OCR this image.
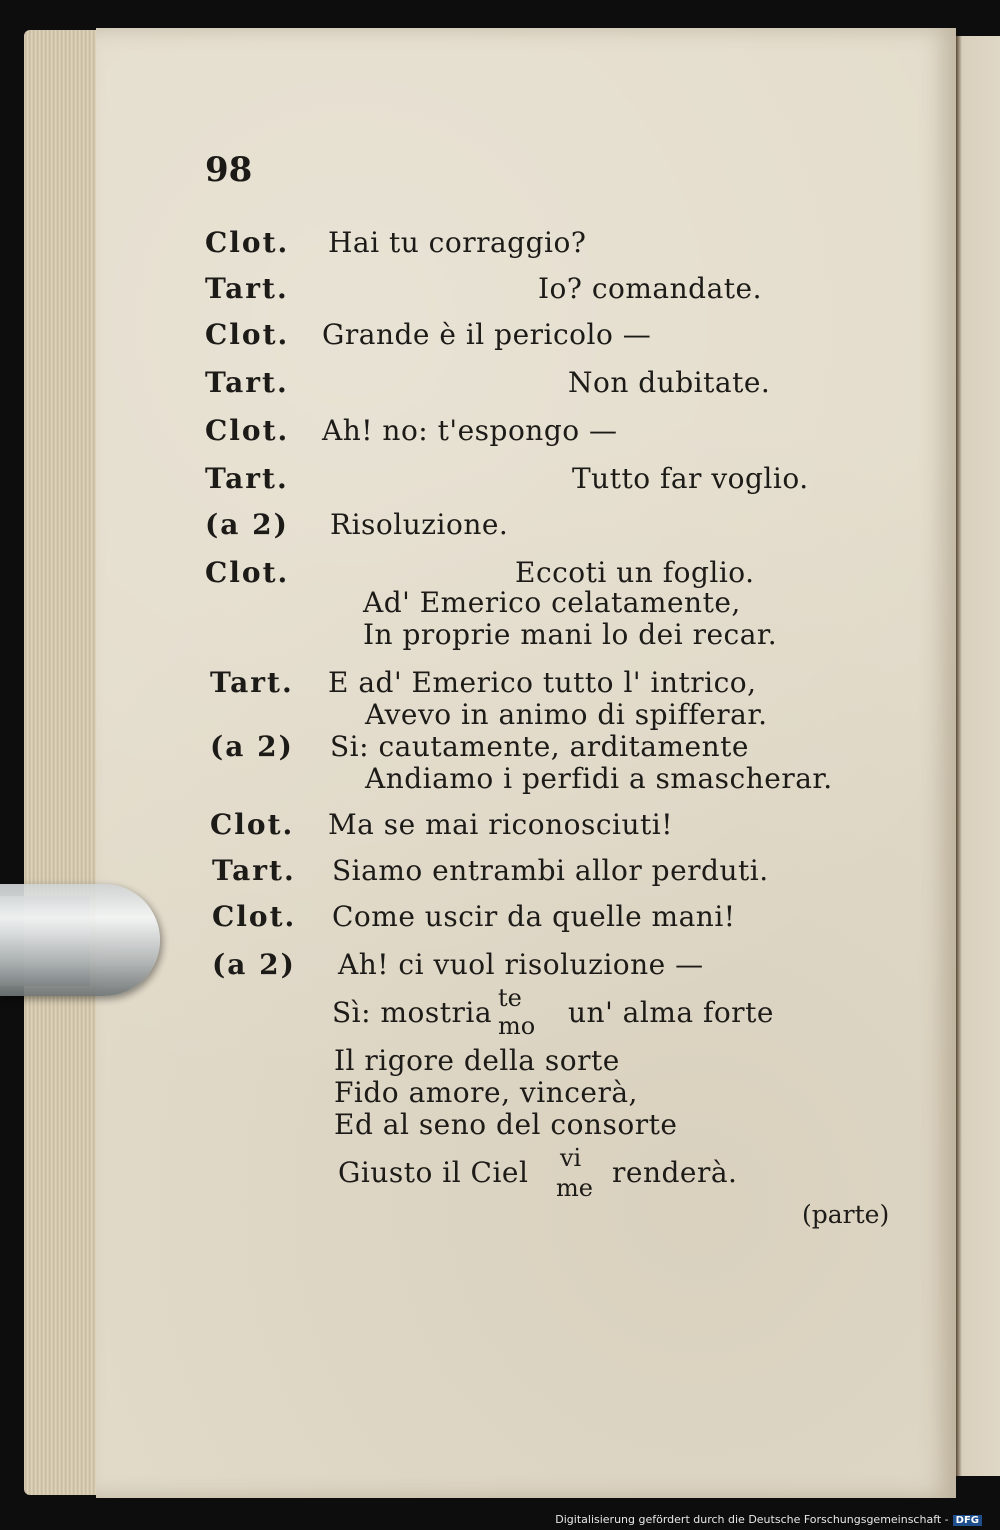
98
Clot. Hai tu corraggio?
Tart.	Io? comandate.
Clot. Grande è il pericolo —
Tart.	Non dubitate.
Clot. Ah! no: t'espongo —
Tart.	Tutto far voglio.
(a 2) Risoluzione.
Clot.	Eccoti un foglio.
Ad' Emerico celatamente,
In proprie mani lo dei recar.
Tart. E ad' Emerico tutto l' intrico,
Avevo in animo di spifferar.
(a 2) Si: cautamente, arditamente
Andiamo i perfidi a smascherar.
Clot. Ma se mai riconosciuti!
Tart. Siamo entrambi allor perduti.
Clot. Come uscir da quelle mani!
(a 2) Ah! ci vuol risoluzione —
Sì: mostria te
mo un' alma forte
Il rigore della sorte
Fido amore, vincerà,
Ed al seno del consorte
Giusto il Ciel vi
me renderà.
(parte)
Digitalisierung gefördert durch die Deutsche Forschungsgemeinschaft - DFG
